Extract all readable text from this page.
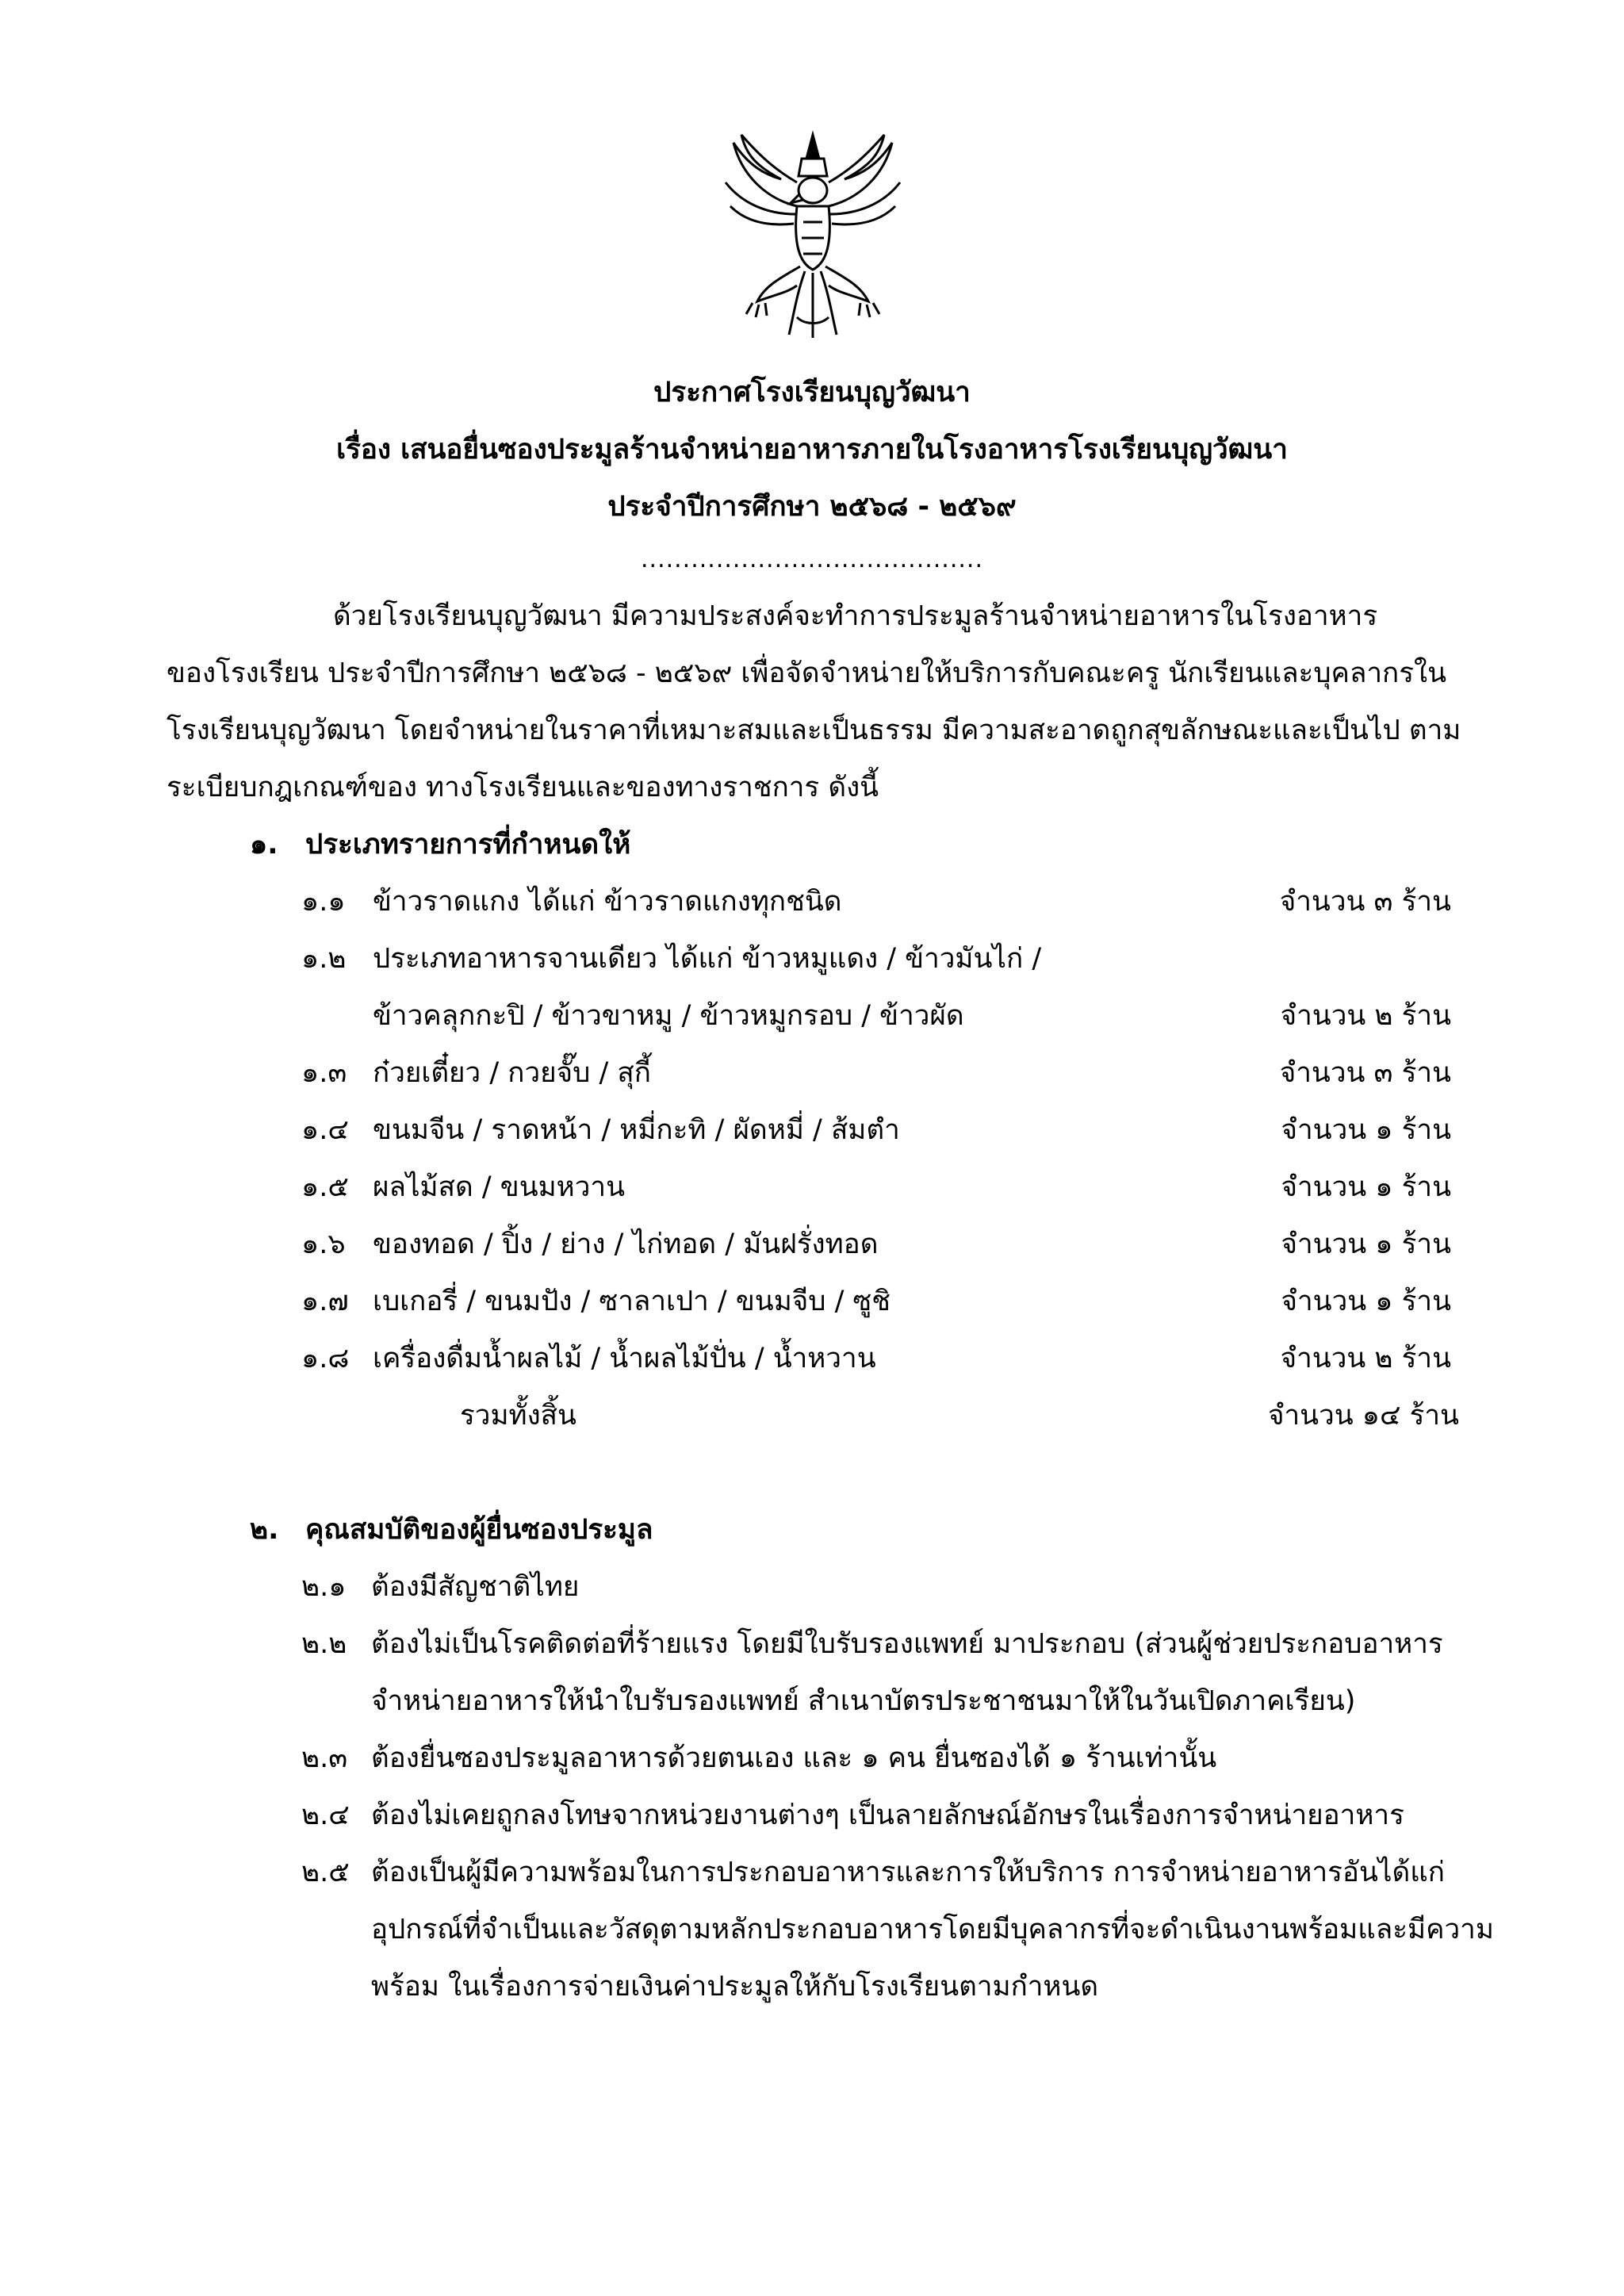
ประกาศโรงเรียนบุญวัฒนา
เรื่อง เสนอยื่นซองประมูลร้านจำหน่ายอาหารภายในโรงอาหารโรงเรียนบุญวัฒนา
ประจำปีการศึกษา ๒๕๖๘ - ๒๕๖๙
.........................................
ด้วยโรงเรียนบุญวัฒนา มีความประสงค์จะทำการประมูลร้านจำหน่ายอาหารในโรงอาหาร
ของโรงเรียน ประจำปีการศึกษา ๒๕๖๘ - ๒๕๖๙ เพื่อจัดจำหน่ายให้บริการกับคณะครู นักเรียนและบุคลากรใน
โรงเรียนบุญวัฒนา โดยจำหน่ายในราคาที่เหมาะสมและเป็นธรรม มีความสะอาดถูกสุขลักษณะและเป็นไป ตาม
ระเบียบกฎเกณฑ์ของ ทางโรงเรียนและของทางราชการ ดังนี้
๑. ประเภทรายการที่กำหนดให้
๑.๑ ข้าวราดแกง ได้แก่ ข้าวราดแกงทุกชนิด	จำนวน ๓ ร้าน
๑.๒ ประเภทอาหารจานเดียว ได้แก่ ข้าวหมูแดง / ข้าวมันไก่ /
ข้าวคลุกกะปิ / ข้าวขาหมู / ข้าวหมูกรอบ / ข้าวผัด	จำนวน ๒ ร้าน
๑.๓ ก๋วยเตี๋ยว / กวยจั๊บ / สุกี้	จำนวน ๓ ร้าน
๑.๔ ขนมจีน / ราดหน้า / หมี่กะทิ / ผัดหมี่ / ส้มตำ	จำนวน ๑ ร้าน
๑.๕ ผลไม้สด / ขนมหวาน	จำนวน ๑ ร้าน
๑.๖ ของทอด / ปิ้ง / ย่าง / ไก่ทอด / มันฝรั่งทอด	จำนวน ๑ ร้าน
๑.๗ เบเกอรี่ / ขนมปัง / ซาลาเปา / ขนมจีบ / ซูชิ	จำนวน ๑ ร้าน
๑.๘ เครื่องดื่มน้ำผลไม้ / น้ำผลไม้ปั่น / น้ำหวาน	จำนวน ๒ ร้าน
รวมทั้งสิ้น	จำนวน ๑๔ ร้าน
๒. คุณสมบัติของผู้ยื่นซองประมูล
๒.๑ ต้องมีสัญชาติไทย
๒.๒ ต้องไม่เป็นโรคติดต่อที่ร้ายแรง โดยมีใบรับรองแพทย์ มาประกอบ (ส่วนผู้ช่วยประกอบอาหาร
จำหน่ายอาหารให้นำใบรับรองแพทย์ สำเนาบัตรประชาชนมาให้ในวันเปิดภาคเรียน)
๒.๓ ต้องยื่นซองประมูลอาหารด้วยตนเอง และ ๑ คน ยื่นซองได้ ๑ ร้านเท่านั้น
๒.๔ ต้องไม่เคยถูกลงโทษจากหน่วยงานต่างๆ เป็นลายลักษณ์อักษรในเรื่องการจำหน่ายอาหาร
๒.๕ ต้องเป็นผู้มีความพร้อมในการประกอบอาหารและการให้บริการ การจำหน่ายอาหารอันได้แก่
อุปกรณ์ที่จำเป็นและวัสดุตามหลักประกอบอาหารโดยมีบุคลากรที่จะดำเนินงานพร้อมและมีความ
พร้อม ในเรื่องการจ่ายเงินค่าประมูลให้กับโรงเรียนตามกำหนด
